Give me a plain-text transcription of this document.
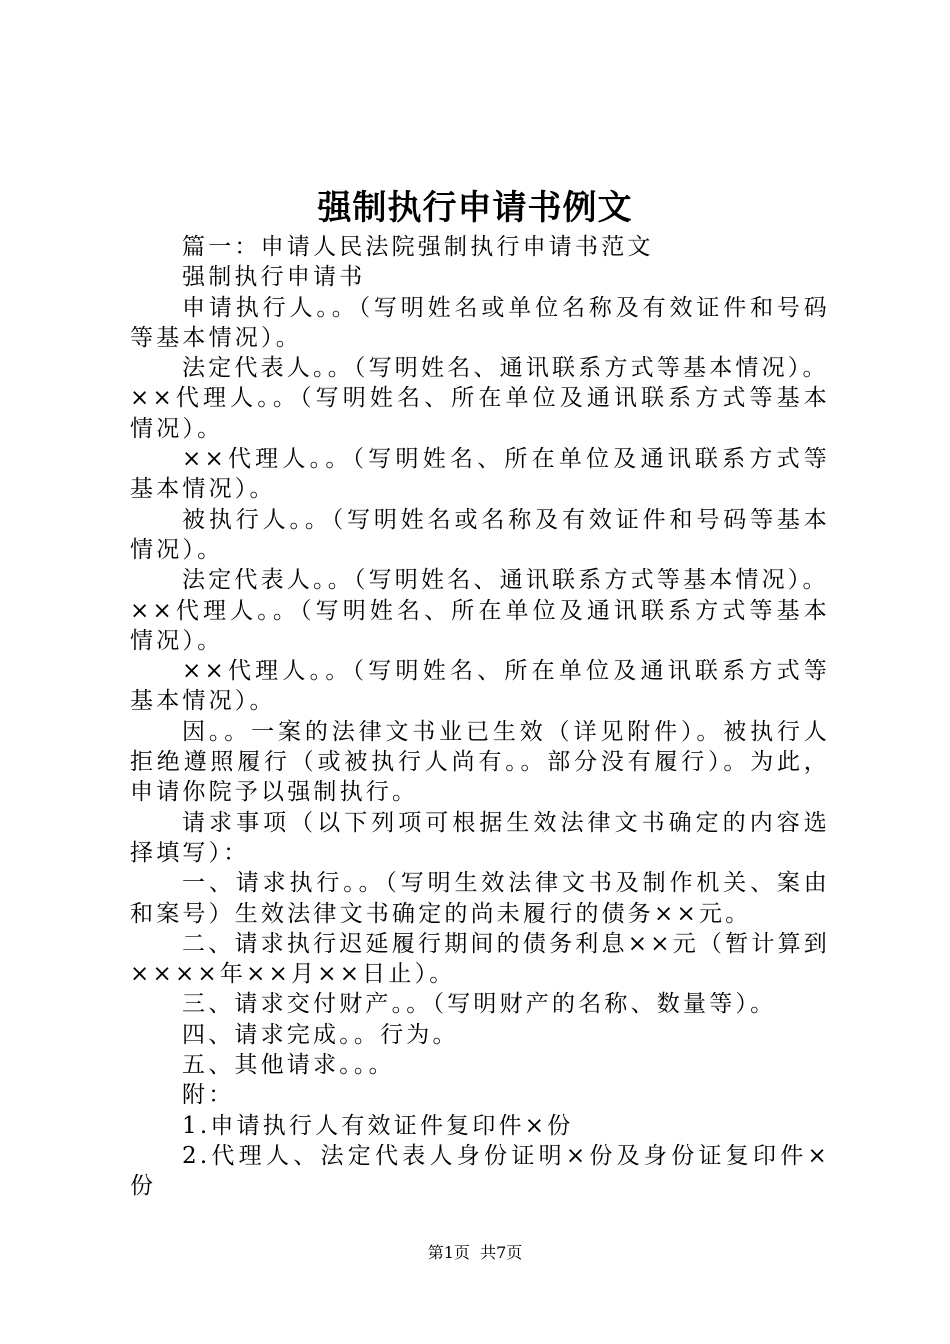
强制执行申请书例文

篇一：申请人民法院强制执行申请书范文

强制执行申请书

申请执行人。。（写明姓名或单位名称及有效证件和号码等基本情况）。

法定代表人。。（写明姓名、通讯联系方式等基本情况）。

××代理人。。（写明姓名、所在单位及通讯联系方式等基本情况）。

××代理人。。（写明姓名、所在单位及通讯联系方式等基本情况）。

被执行人。。（写明姓名或名称及有效证件和号码等基本情况）。

法定代表人。。（写明姓名、通讯联系方式等基本情况）。

××代理人。。（写明姓名、所在单位及通讯联系方式等基本情况）。

××代理人。。（写明姓名、所在单位及通讯联系方式等基本情况）。

因。。一案的法律文书业已生效（详见附件）。被执行人拒绝遵照履行（或被执行人尚有。。部分没有履行）。为此，申请你院予以强制执行。

请求事项（以下列项可根据生效法律文书确定的内容选择填写）：

一、请求执行。。（写明生效法律文书及制作机关、案由和案号）生效法律文书确定的尚未履行的债务××元。

二、请求执行迟延履行期间的债务利息××元（暂计算到××××年××月××日止）。

三、请求交付财产。。（写明财产的名称、数量等）。

四、请求完成。。行为。

五、其他请求。。。

附：

1.申请执行人有效证件复印件×份

2.代理人、法定代表人身份证明×份及身份证复印件×份

第1页 共7页
